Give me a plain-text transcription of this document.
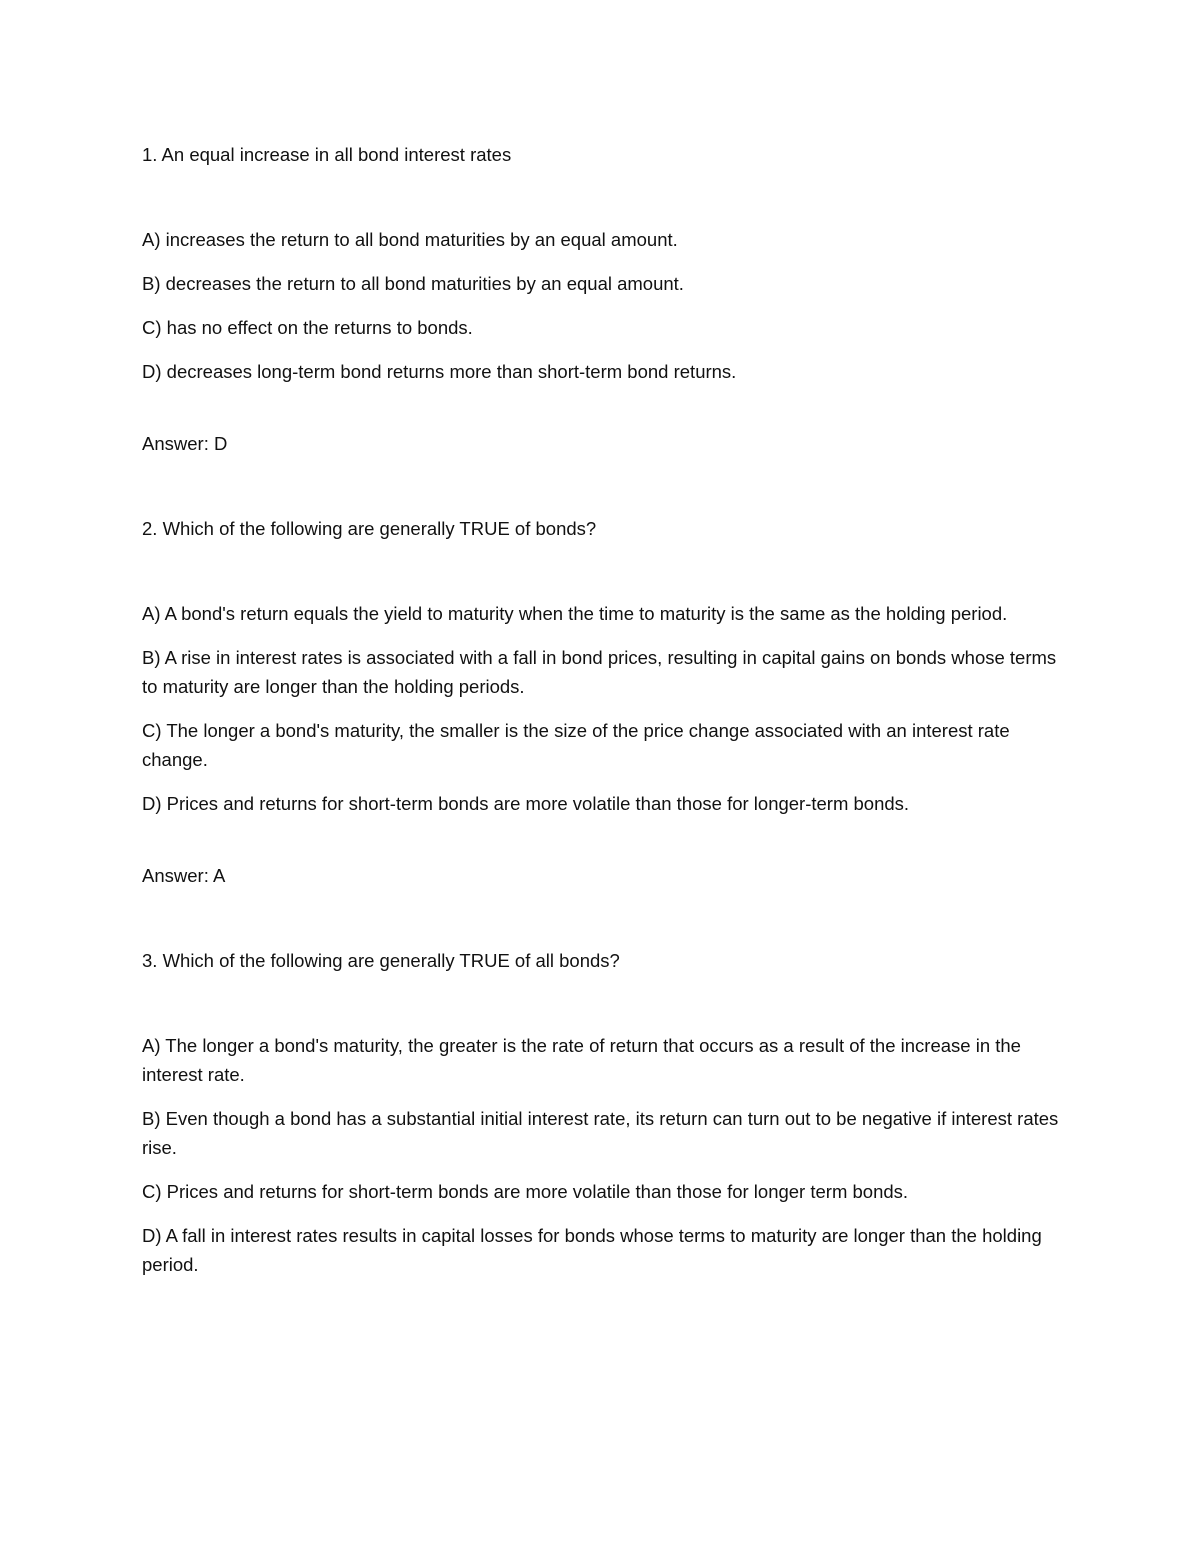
1. An equal increase in all bond interest rates

A) increases the return to all bond maturities by an equal amount.

B) decreases the return to all bond maturities by an equal amount.

C) has no effect on the returns to bonds.

D) decreases long-term bond returns more than short-term bond returns.

Answer: D

2. Which of the following are generally TRUE of bonds?

A) A bond's return equals the yield to maturity when the time to maturity is the same as the holding period.

B) A rise in interest rates is associated with a fall in bond prices, resulting in capital gains on bonds whose terms to maturity are longer than the holding periods.

C) The longer a bond's maturity, the smaller is the size of the price change associated with an interest rate change.

D) Prices and returns for short-term bonds are more volatile than those for longer-term bonds.

Answer: A

3. Which of the following are generally TRUE of all bonds?

A) The longer a bond's maturity, the greater is the rate of return that occurs as a result of the increase in the interest rate.

B) Even though a bond has a substantial initial interest rate, its return can turn out to be negative if interest rates rise.

C) Prices and returns for short-term bonds are more volatile than those for longer term bonds.

D) A fall in interest rates results in capital losses for bonds whose terms to maturity are longer than the holding period.
